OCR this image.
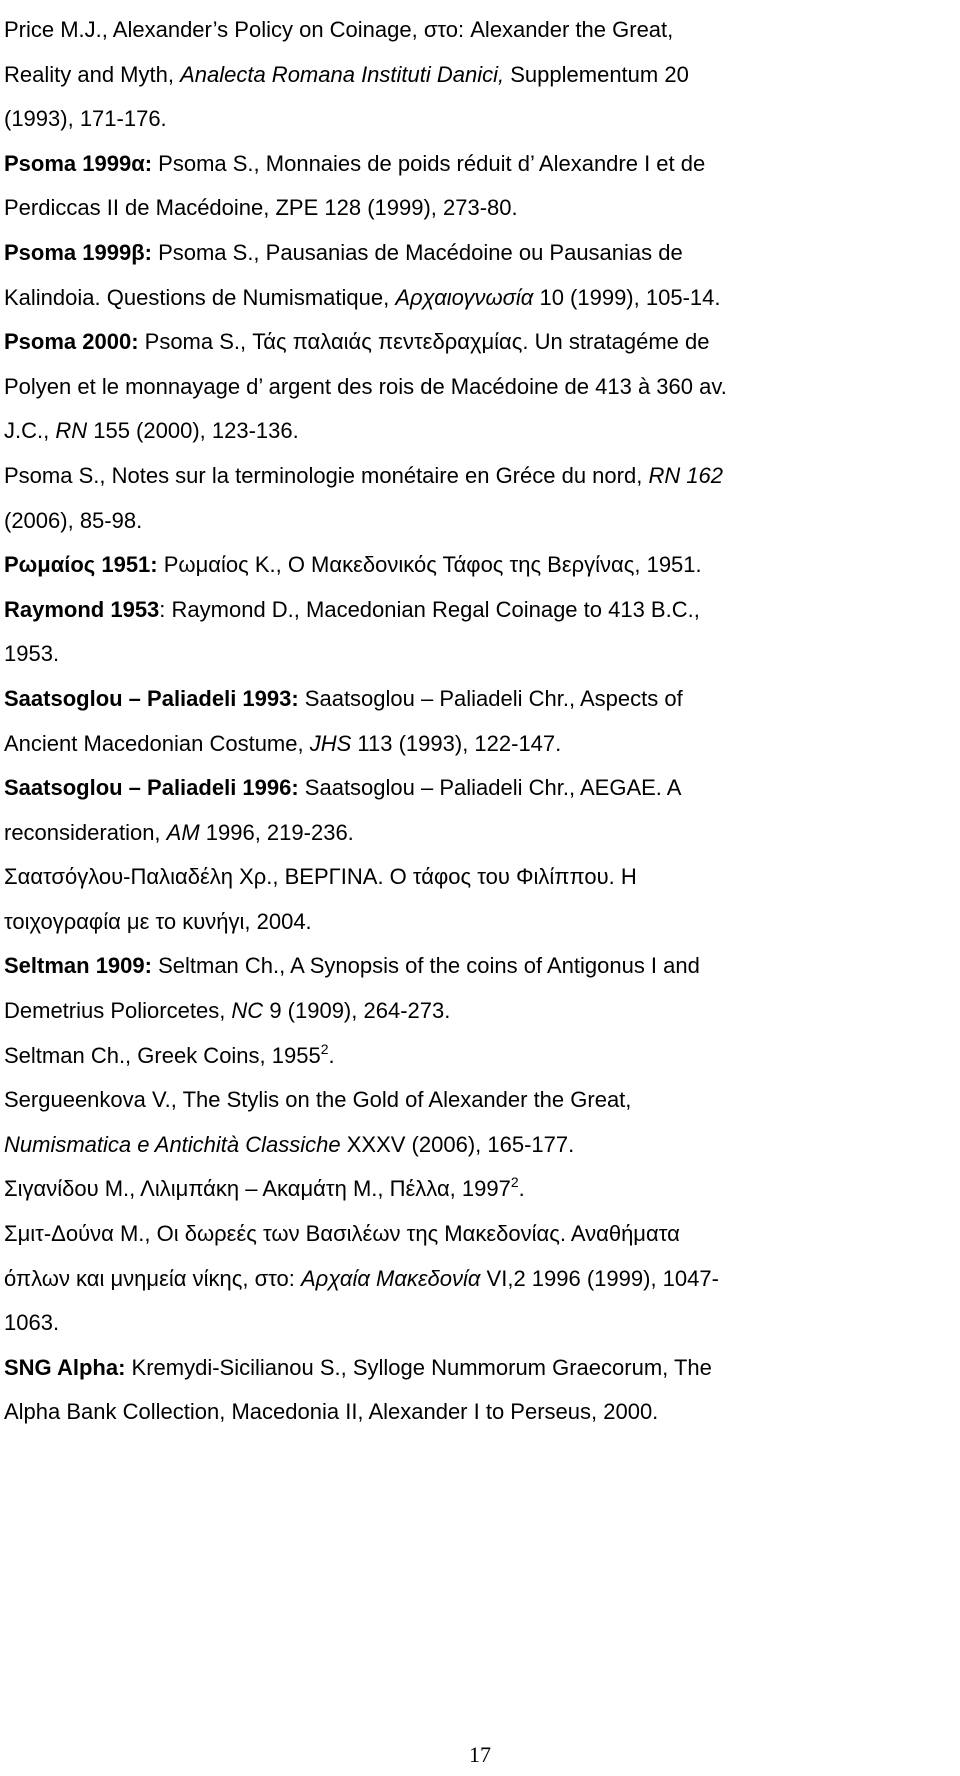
Price M.J., Alexander’s Policy on Coinage, στο: Alexander the Great,
Reality and Myth, Analecta Romana Instituti Danici, Supplementum 20
(1993), 171-176.
Psoma 1999α: Psoma S., Monnaies de poids réduit d’ Alexandre I et de
Perdiccas II de Macédoine, ZPE 128 (1999), 273-80.
Psoma 1999β: Psoma S., Pausanias de Macédoine ou Pausanias de
Kalindoia. Questions de Numismatique, Αρχαιογνωσία 10 (1999), 105-14.
Psoma 2000: Psoma S., Τάς παλαιάς πεντεδραχμίας. Un stratagéme de
Polyen et le monnayage d’ argent des rois de Macédoine de 413 à 360 av.
J.C., RN 155 (2000), 123-136.
Psoma S., Notes sur la terminologie monétaire en Gréce du nord, RN 162
(2006), 85-98.
Ρωμαίος 1951: Ρωμαίος Κ., Ο Μακεδονικός Τάφος της Βεργίνας, 1951.
Raymond 1953: Raymond D., Macedonian Regal Coinage to 413 B.C.,
1953.
Saatsoglou – Paliadeli 1993: Saatsoglou – Paliadeli Chr., Aspects of
Ancient Macedonian Costume, JHS 113 (1993), 122-147.
Saatsoglou – Paliadeli 1996: Saatsoglou – Paliadeli Chr., AEGAE. A
reconsideration, AM 1996, 219-236.
Σαατσόγλου-Παλιαδέλη Χρ., ΒΕΡΓΙΝΑ. Ο τάφος του Φιλίππου. Η
τοιχογραφία με το κυνήγι, 2004.
Seltman 1909: Seltman Ch., A Synopsis of the coins of Antigonus I and
Demetrius Poliorcetes, NC 9 (1909), 264-273.
Seltman Ch., Greek Coins, 1955$^2$.
Sergueenkova V., The Stylis on the Gold of Alexander the Great,
Numismatica e Antichità Classiche XXXV (2006), 165-177.
Σιγανίδου Μ., Λιλιμπάκη – Ακαμάτη Μ., Πέλλα, 1997$^2$.
Σμιτ-Δούνα Μ., Οι δωρεές των Βασιλέων της Μακεδονίας. Αναθήματα
όπλων και μνημεία νίκης, στο: Αρχαία Μακεδονία VI,2 1996 (1999), 1047-
1063.
SNG Alpha: Kremydi-Sicilianou S., Sylloge Nummorum Graecorum, The
Alpha Bank Collection, Macedonia II, Alexander I to Perseus, 2000.
17
